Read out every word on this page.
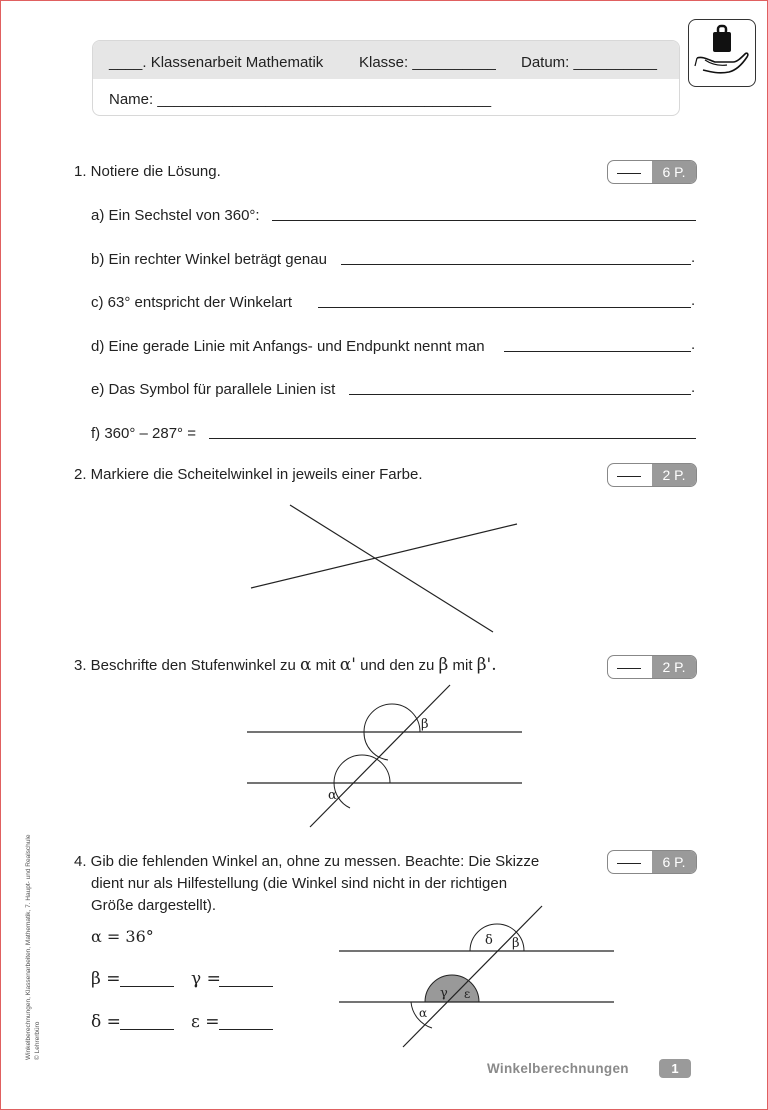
____. Klassenarbeit Mathematik Klasse: __________ Datum: __________
Name: ________________________________________
1. Notiere die Lösung.	6 P.
a) Ein Sechstel von 360°:
b) Ein rechter Winkel beträgt genau	.
c) 63° entspricht der Winkelart	.
d) Eine gerade Linie mit Anfangs- und Endpunkt nennt man	.
e) Das Symbol für parallele Linien ist	.
f) 360° – 287° =
2. Markiere die Scheitelwinkel in jeweils einer Farbe.	2 P.
3. Beschrifte den Stufenwinkel zu α mit α' und den zu β mit β'.	2 P.
β
α
4. Gib die fehlenden Winkel an, ohne zu messen. Beachte: Die Skizze
dient nur als Hilfestellung (die Winkel sind nicht in der richtigen
Größe dargestellt).
6 P.
α = 36°
β =	γ =
δ =	ε =
δ β
γ ε
α
Winkelberechnungen, Klassenarbeiten, Mathematik, 7. Haupt- und Realschule © Lehrerbüro
Winkelberechnungen	1
